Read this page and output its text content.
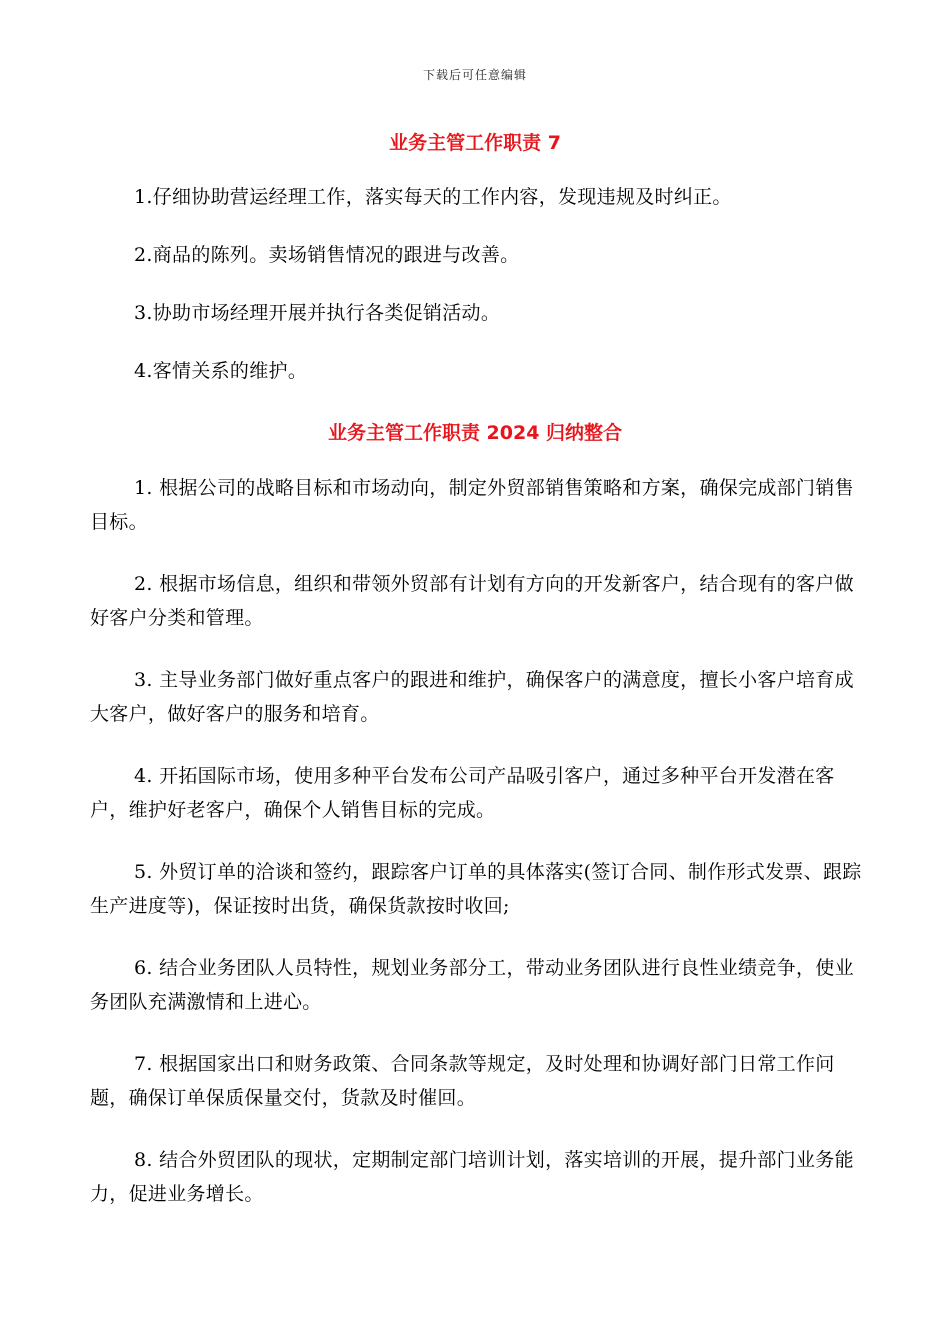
下载后可任意编辑
业务主管工作职责 7
1.仔细协助营运经理工作，落实每天的工作内容，发现违规及时纠正。
2.商品的陈列。卖场销售情况的跟进与改善。
3.协助市场经理开展并执行各类促销活动。
4.客情关系的维护。
业务主管工作职责 2024 归纳整合
1. 根据公司的战略目标和市场动向，制定外贸部销售策略和方案，确保完成部门销售目标。
2. 根据市场信息，组织和带领外贸部有计划有方向的开发新客户，结合现有的客户做好客户分类和管理。
3. 主导业务部门做好重点客户的跟进和维护，确保客户的满意度，擅长小客户培育成大客户，做好客户的服务和培育。
4. 开拓国际市场，使用多种平台发布公司产品吸引客户，通过多种平台开发潜在客户，维护好老客户，确保个人销售目标的完成。
5. 外贸订单的洽谈和签约，跟踪客户订单的具体落实(签订合同、制作形式发票、跟踪生产进度等)，保证按时出货，确保货款按时收回;
6. 结合业务团队人员特性，规划业务部分工，带动业务团队进行良性业绩竞争，使业务团队充满激情和上进心。
7. 根据国家出口和财务政策、合同条款等规定，及时处理和协调好部门日常工作问题，确保订单保质保量交付，货款及时催回。
8. 结合外贸团队的现状，定期制定部门培训计划，落实培训的开展，提升部门业务能力，促进业务增长。
